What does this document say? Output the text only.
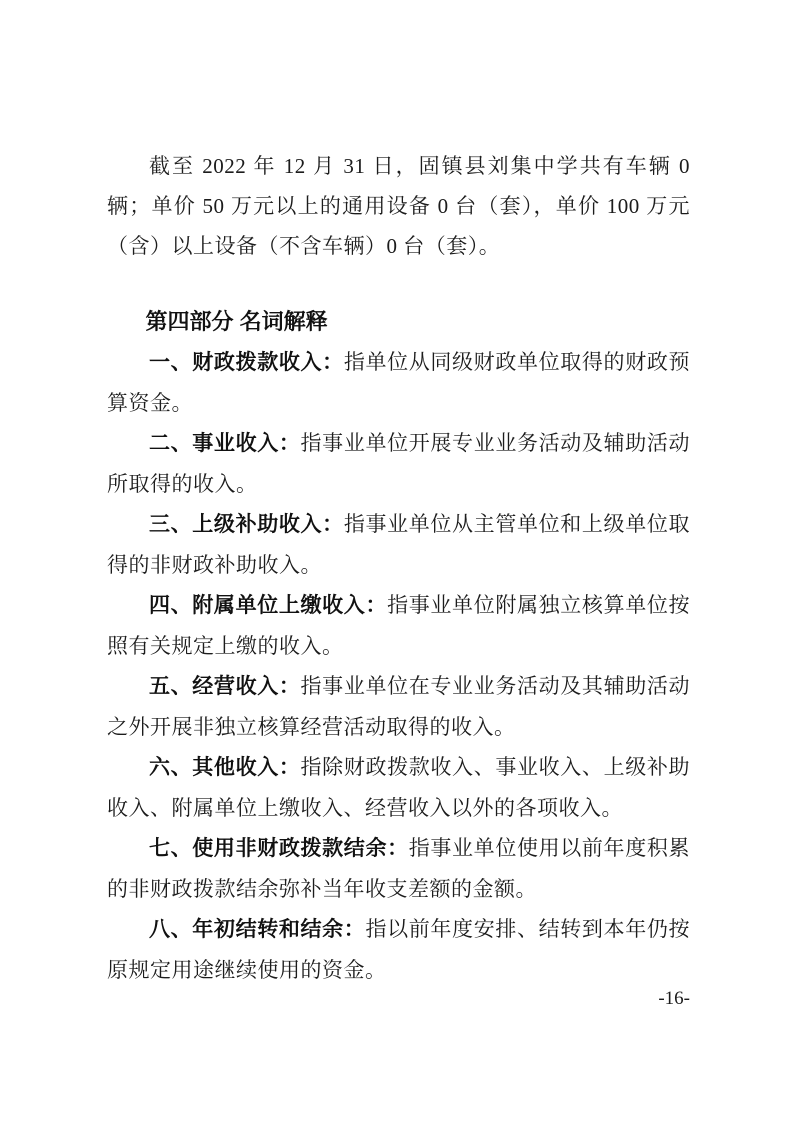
截至 2022 年 12 月 31 日，固镇县刘集中学共有车辆 0 辆；单价 50 万元以上的通用设备 0 台（套），单价 100 万元（含）以上设备（不含车辆）0 台（套）。

第四部分 名词解释

一、财政拨款收入：指单位从同级财政单位取得的财政预算资金。

二、事业收入：指事业单位开展专业业务活动及辅助活动所取得的收入。

三、上级补助收入：指事业单位从主管单位和上级单位取得的非财政补助收入。

四、附属单位上缴收入：指事业单位附属独立核算单位按照有关规定上缴的收入。

五、经营收入：指事业单位在专业业务活动及其辅助活动之外开展非独立核算经营活动取得的收入。

六、其他收入：指除财政拨款收入、事业收入、上级补助收入、附属单位上缴收入、经营收入以外的各项收入。

七、使用非财政拨款结余：指事业单位使用以前年度积累的非财政拨款结余弥补当年收支差额的金额。

八、年初结转和结余：指以前年度安排、结转到本年仍按原规定用途继续使用的资金。

-16-
